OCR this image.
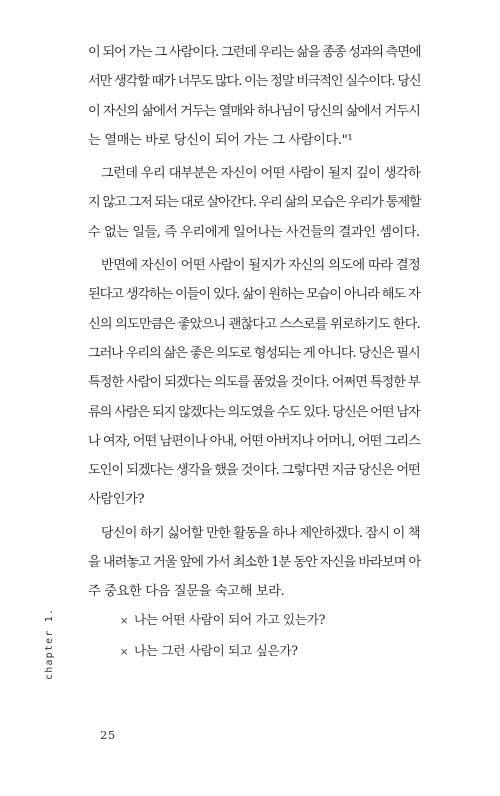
이 되어 가는 그 사람이다. 그런데 우리는 삶을 종종 성과의 측면에
서만 생각할 때가 너무도 많다. 이는 정말 비극적인 실수이다. 당신
이 자신의 삶에서 거두는 열매와 하나님이 당신의 삶에서 거두시
는 열매는 바로 당신이 되어 가는 그 사람이다."¹

그런데 우리 대부분은 자신이 어떤 사람이 될지 깊이 생각하
지 않고 그저 되는 대로 살아간다. 우리 삶의 모습은 우리가 통제할
수 없는 일들, 즉 우리에게 일어나는 사건들의 결과인 셈이다.

반면에 자신이 어떤 사람이 될지가 자신의 의도에 따라 결정
된다고 생각하는 이들이 있다. 삶이 원하는 모습이 아니라 해도 자
신의 의도만큼은 좋았으니 괜찮다고 스스로를 위로하기도 한다.
그러나 우리의 삶은 좋은 의도로 형성되는 게 아니다. 당신은 필시
특정한 사람이 되겠다는 의도를 품었을 것이다. 어쩌면 특정한 부
류의 사람은 되지 않겠다는 의도였을 수도 있다. 당신은 어떤 남자
나 여자, 어떤 남편이나 아내, 어떤 아버지나 어머니, 어떤 그리스
도인이 되겠다는 생각을 했을 것이다. 그렇다면 지금 당신은 어떤
사람인가?

당신이 하기 싫어할 만한 활동을 하나 제안하겠다. 잠시 이 책
을 내려놓고 거울 앞에 가서 최소한 1분 동안 자신을 바라보며 아
주 중요한 다음 질문을 숙고해 보라.

× 나는 어떤 사람이 되어 가고 있는가?
× 나는 그런 사람이 되고 싶은가?
chapter 1.
25
